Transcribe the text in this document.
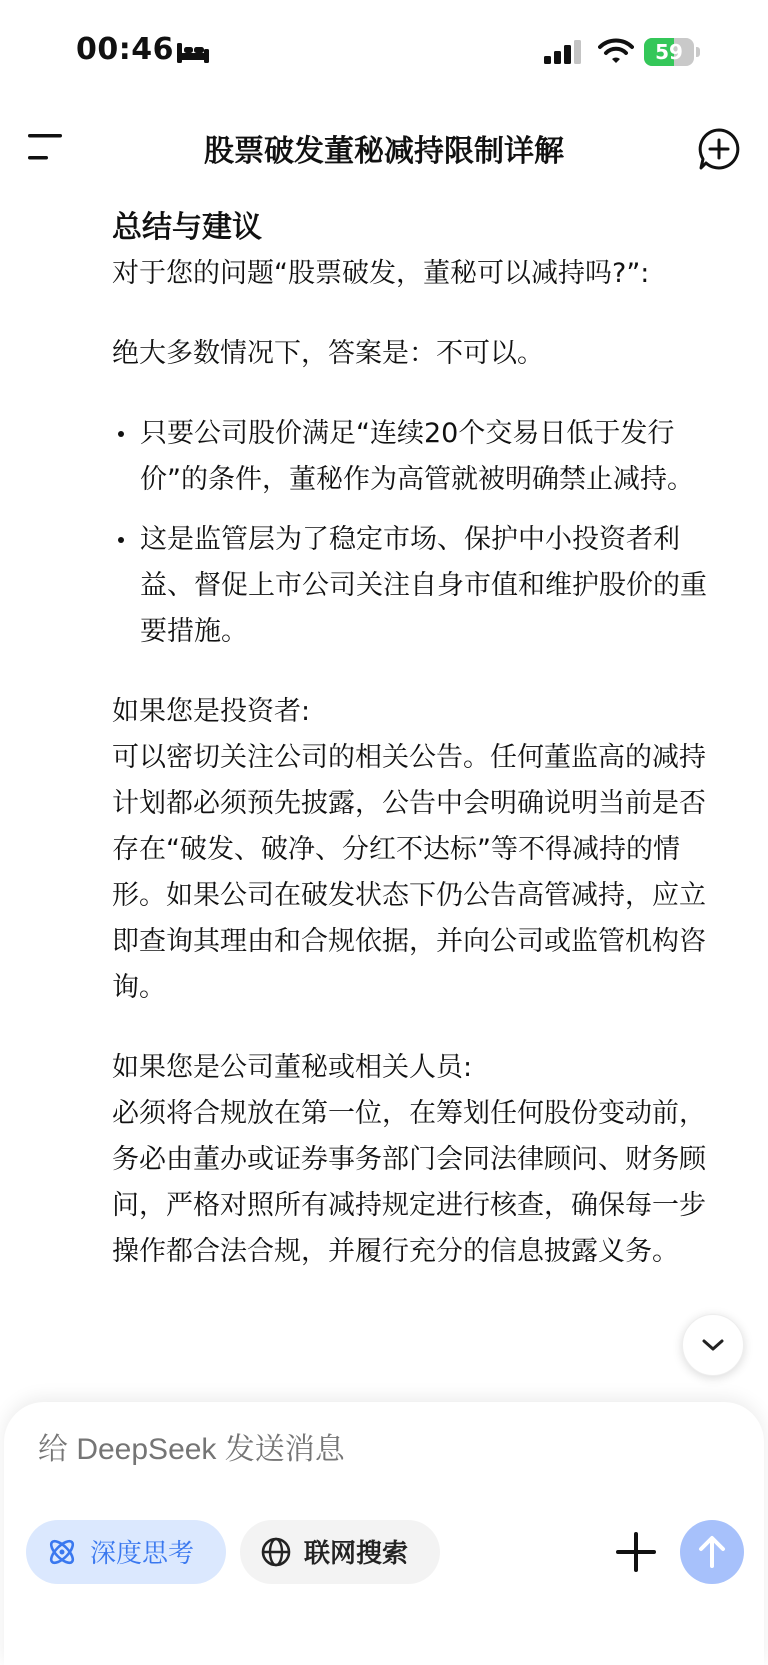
00:46	59
股票破发董秘减持限制详解

总结与建议

对于您的问题“股票破发，董秘可以减持吗?”:

绝大多数情况下，答案是：不可以。

只要公司股价满足“连续20个交易日低于发行价”的条件，董秘作为高管就被明确禁止减持。
这是监管层为了稳定市场、保护中小投资者利益、督促上市公司关注自身市值和维护股价的重要措施。

如果您是投资者:

可以密切关注公司的相关公告。任何董监高的减持计划都必须预先披露，公告中会明确说明当前是否存在“破发、破净、分红不达标”等不得减持的情形。如果公司在破发状态下仍公告高管减持，应立即查询其理由和合规依据，并向公司或监管机构咨询。

如果您是公司董秘或相关人员:

必须将合规放在第一位，在筹划任何股份变动前，务必由董办或证券事务部门会同法律顾问、财务顾问，严格对照所有减持规定进行核查，确保每一步操作都合法合规，并履行充分的信息披露义务。

给 DeepSeek 发送消息
深度思考	联网搜索
